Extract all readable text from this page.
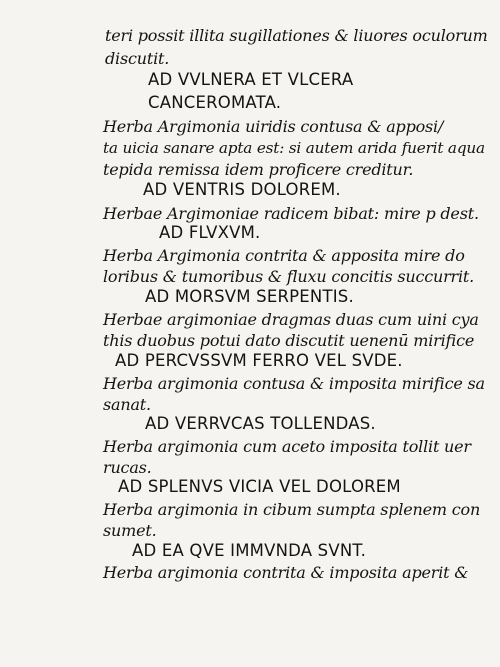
teri possit illita sugillationes & liuores oculorum
discutit.
AD VVLNERA ET VLCERA
CANCEROMATA.
Herba Argimonia uiridis contusa & apposi/
ta uicia sanare apta est: si autem arida fuerit aqua
tepida remissa idem proficere creditur.
AD VENTRIS DOLOREM.
Herbae Argimoniae radicem bibat: mire p dest.
AD FLVXVM.
Herba Argimonia contrita & apposita mire do
loribus & tumoribus & fluxu concitis succurrit.
AD MORSVM SERPENTIS.
Herbae argimoniae dragmas duas cum uini cya
this duobus potui dato discutit uenenū mirifice
AD PERCVSSVM FERRO VEL SVDE.
Herba argimonia contusa & imposita mirifice sa
sanat.
AD VERRVCAS TOLLENDAS.
Herba argimonia cum aceto imposita tollit uer
rucas.
AD SPLENVS VICIA VEL DOLOREM
Herba argimonia in cibum sumpta splenem con
sumet.
AD EA QVE IMMVNDA SVNT.
Herba argimonia contrita & imposita aperit &
